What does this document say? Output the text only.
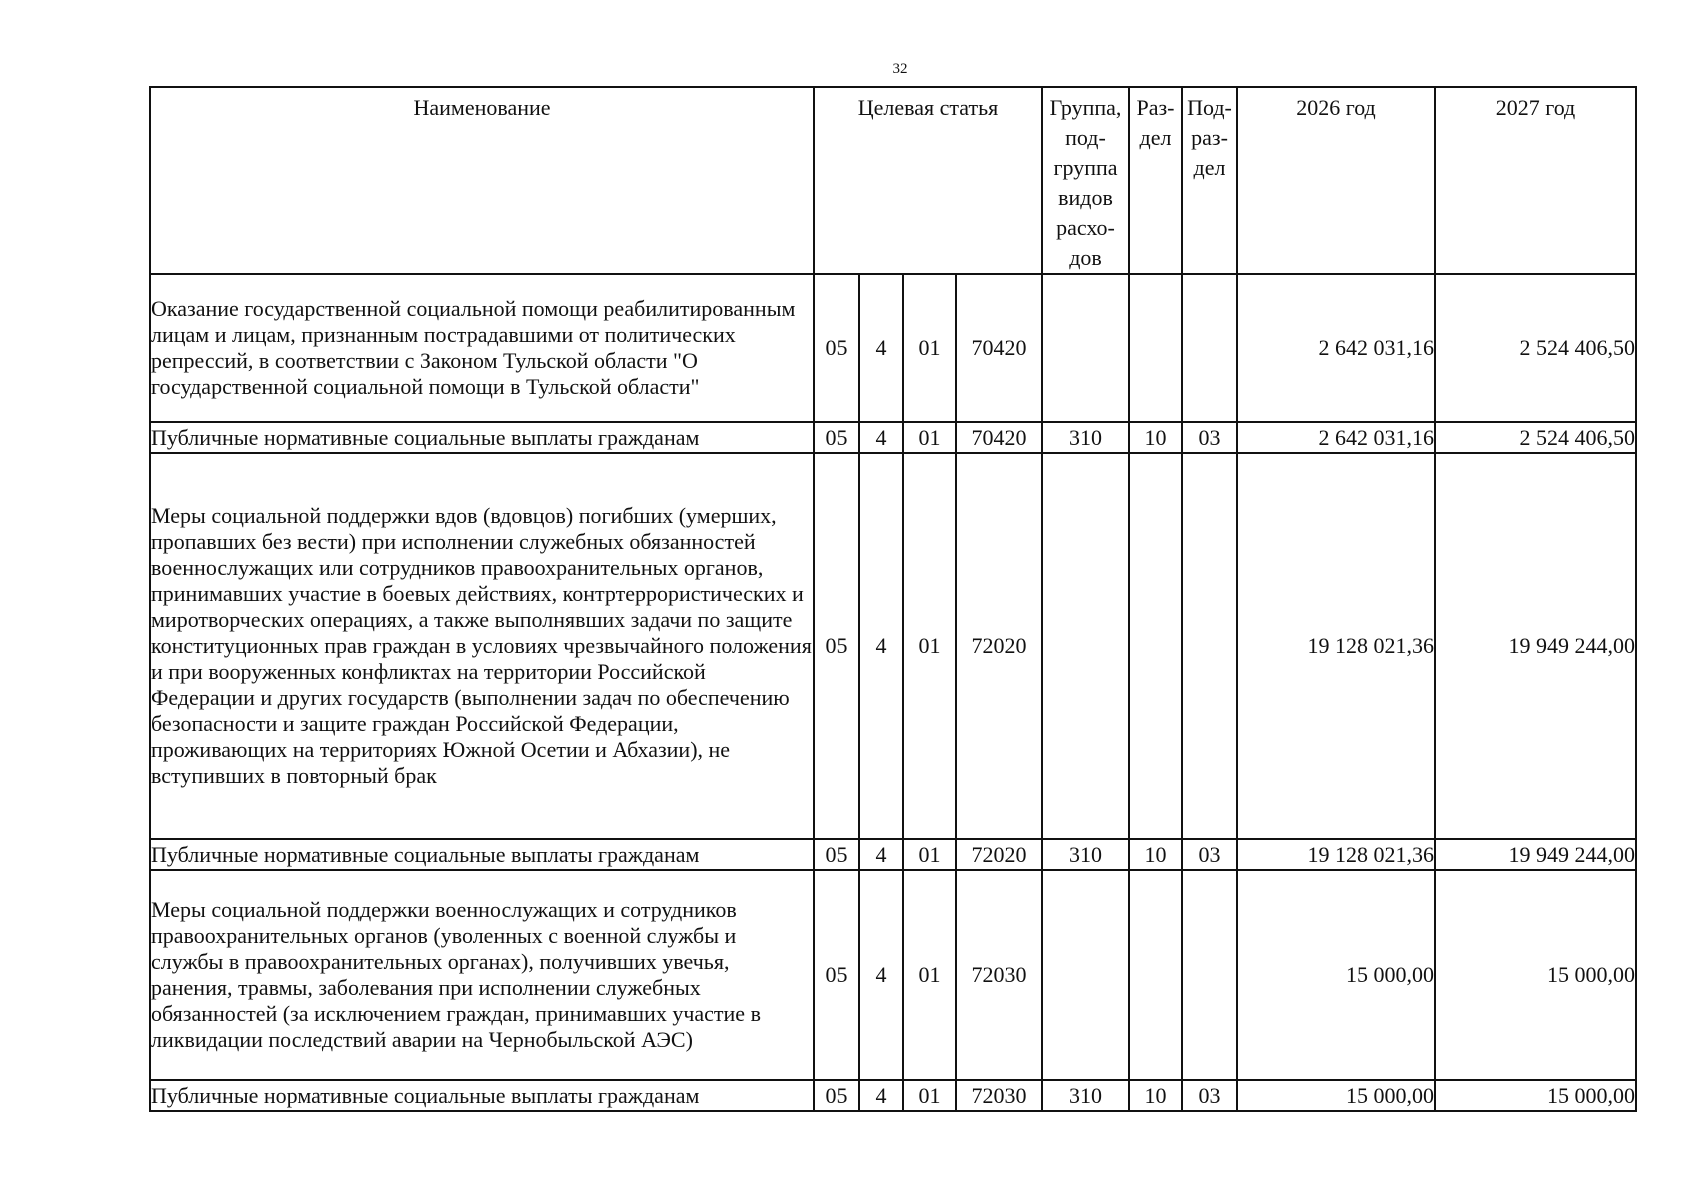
32
Наименование	Целевая статья				Группа, под-группа видов расхо-дов	Раз-дел	Под-раз-дел	2026 год	2027 год
Оказание государственной социальной помощи реабилитированным лицам и лицам, признанным пострадавшими от политических репрессий, в соответствии с Законом Тульской области "О государственной социальной помощи в Тульской области"	05	4	01	70420				2 642 031,16	2 524 406,50
Публичные нормативные социальные выплаты гражданам	05	4	01	70420	310	10	03	2 642 031,16	2 524 406,50
Меры социальной поддержки вдов (вдовцов) погибших (умерших, пропавших без вести) при исполнении служебных обязанностей военнослужащих или сотрудников правоохранительных органов, принимавших участие в боевых действиях, контртеррористических и миротворческих операциях, а также выполнявших задачи по защите конституционных прав граждан в условиях чрезвычайного положения и при вооруженных конфликтах на территории Российской Федерации и других государств (выполнении задач по обеспечению безопасности и защите граждан Российской Федерации, проживающих на территориях Южной Осетии и Абхазии), не вступивших в повторный брак	05	4	01	72020				19 128 021,36	19 949 244,00
Публичные нормативные социальные выплаты гражданам	05	4	01	72020	310	10	03	19 128 021,36	19 949 244,00
Меры социальной поддержки военнослужащих и сотрудников правоохранительных органов (уволенных с военной службы и службы в правоохранительных органах), получивших увечья, ранения, травмы, заболевания при исполнении служебных обязанностей (за исключением граждан, принимавших участие в ликвидации последствий аварии на Чернобыльской АЭС)	05	4	01	72030				15 000,00	15 000,00
Публичные нормативные социальные выплаты гражданам	05	4	01	72030	310	10	03	15 000,00	15 000,00
